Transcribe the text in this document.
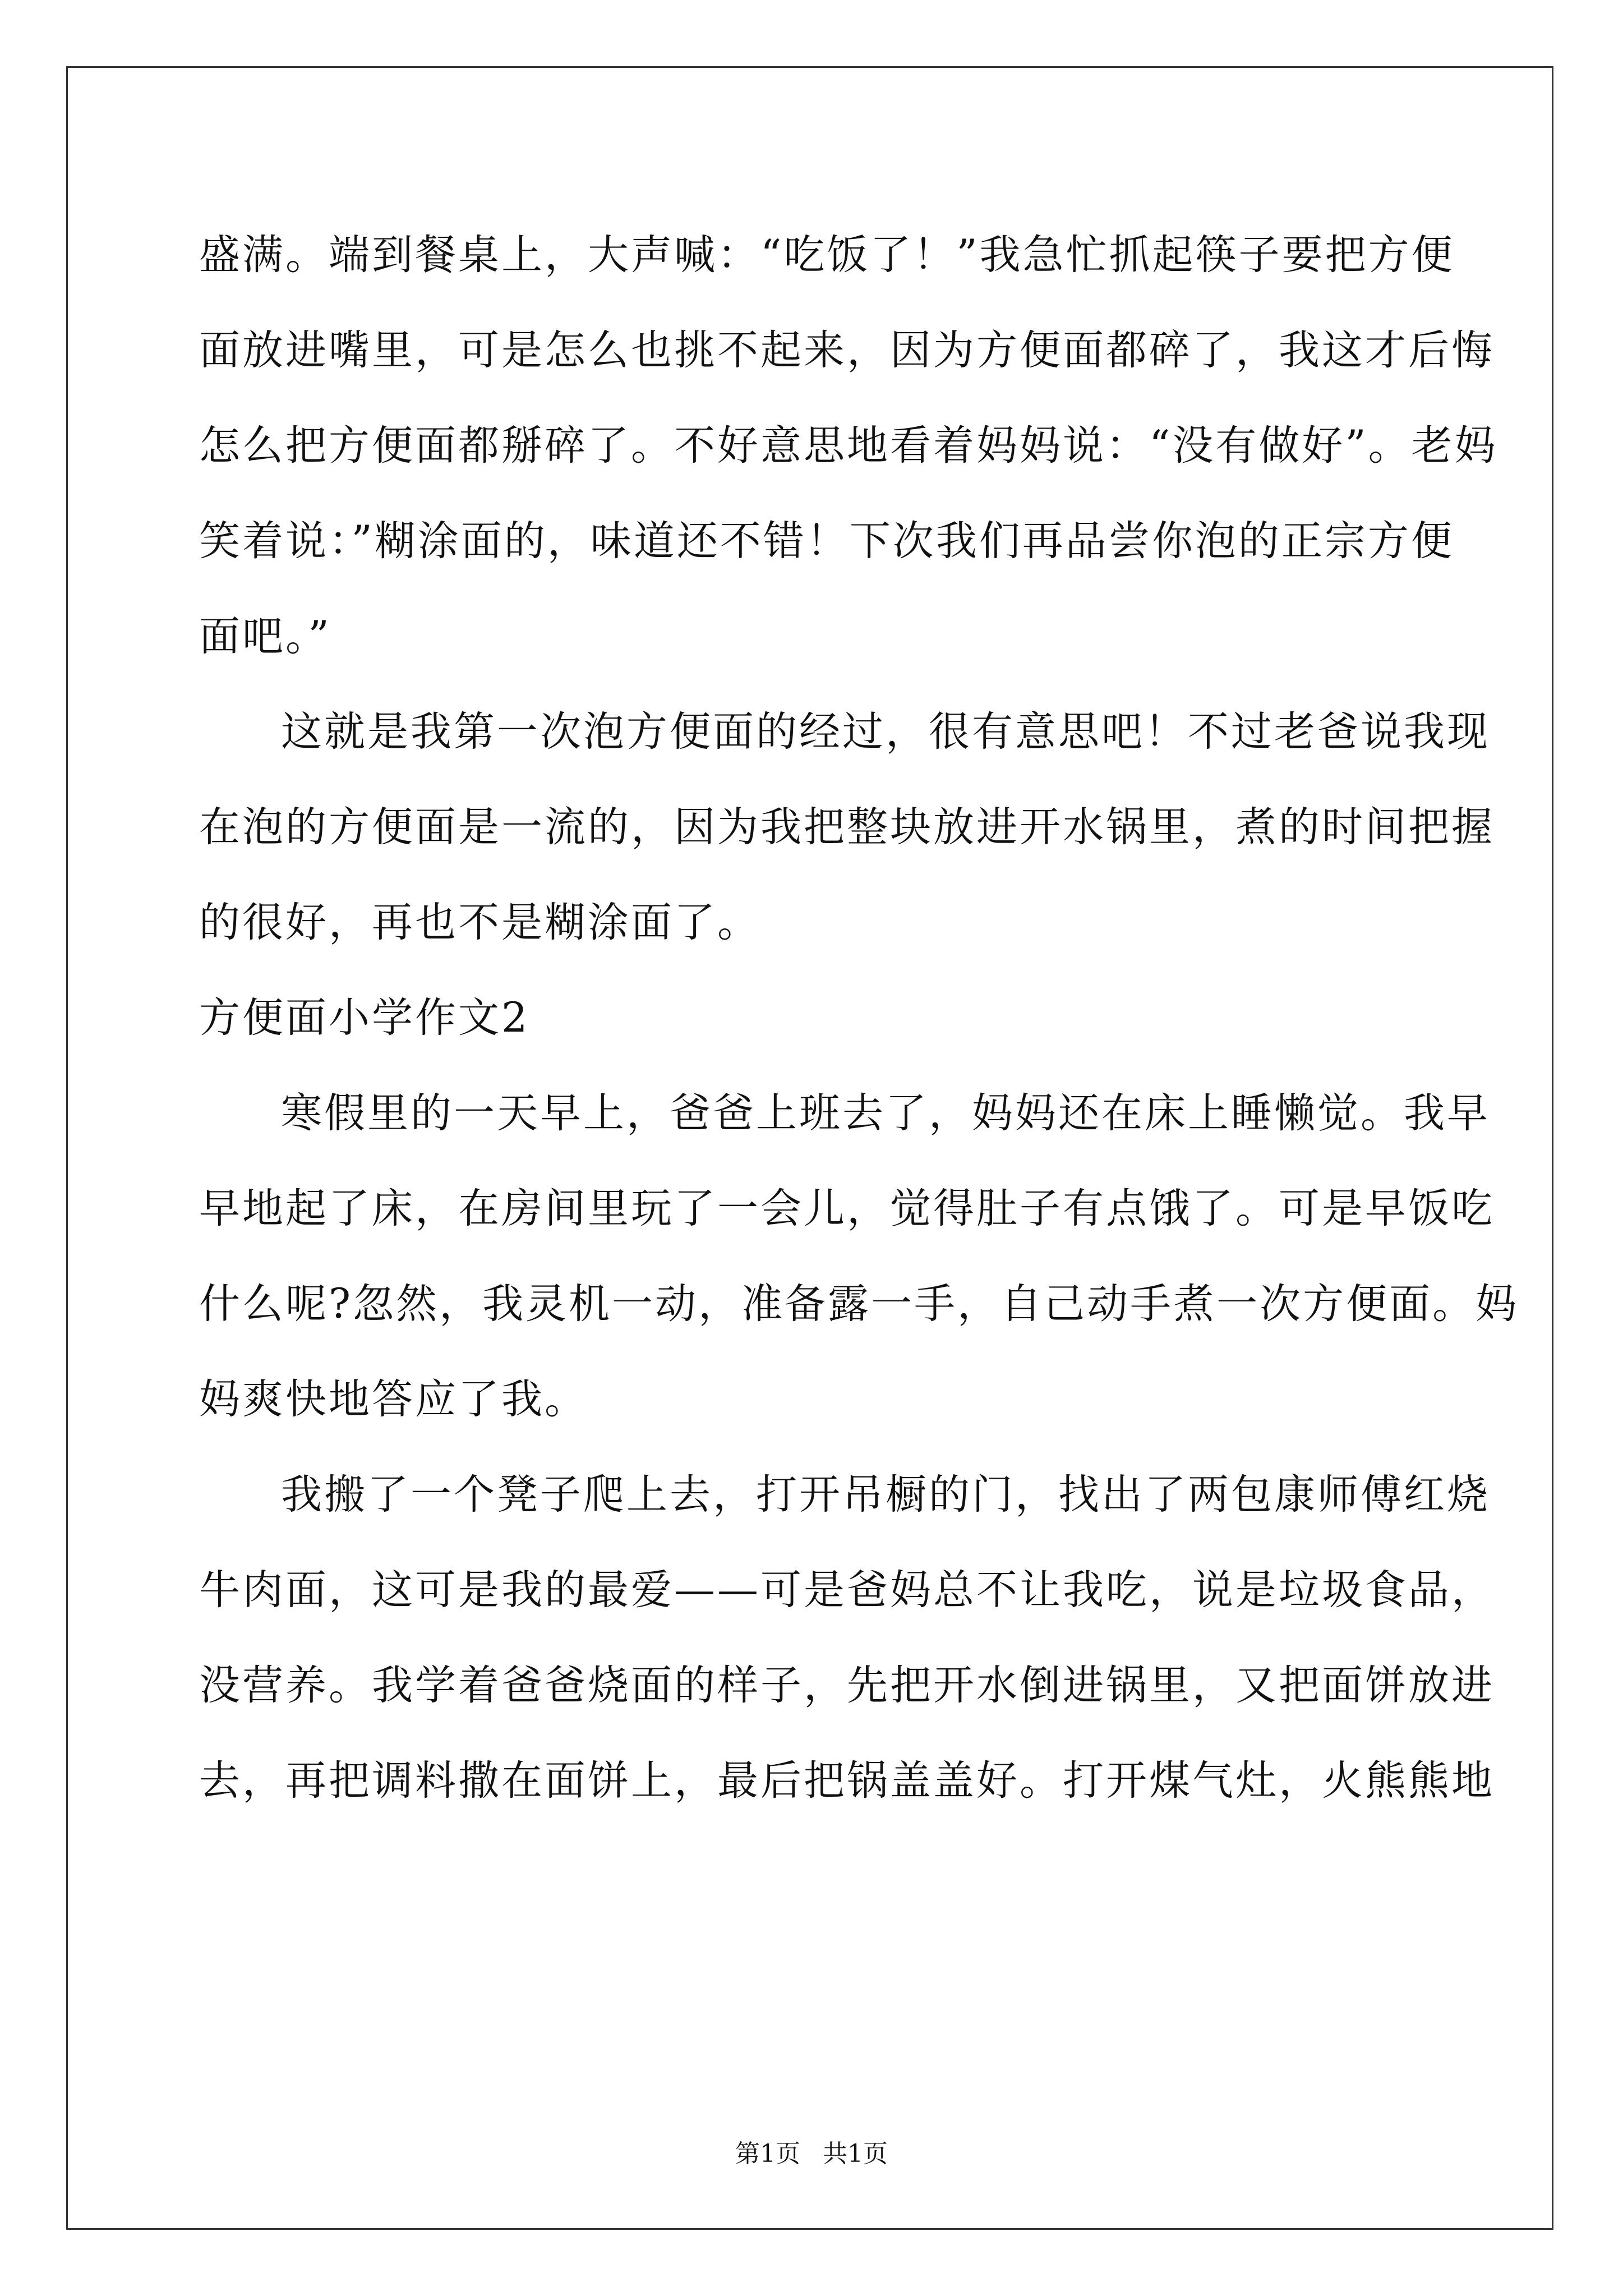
盛满。端到餐桌上，大声喊：“吃饭了！”我急忙抓起筷子要把方便
面放进嘴里，可是怎么也挑不起来，因为方便面都碎了，我这才后悔
怎么把方便面都掰碎了。不好意思地看着妈妈说：“没有做好”。老妈
笑着说：”糊涂面的，味道还不错！下次我们再品尝你泡的正宗方便
面吧。”
这就是我第一次泡方便面的经过，很有意思吧！不过老爸说我现
在泡的方便面是一流的，因为我把整块放进开水锅里，煮的时间把握
的很好，再也不是糊涂面了。
方便面小学作文2
寒假里的一天早上，爸爸上班去了，妈妈还在床上睡懒觉。我早
早地起了床，在房间里玩了一会儿，觉得肚子有点饿了。可是早饭吃
什么呢?忽然，我灵机一动，准备露一手，自己动手煮一次方便面。妈
妈爽快地答应了我。
我搬了一个凳子爬上去，打开吊橱的门，找出了两包康师傅红烧
牛肉面，这可是我的最爱——可是爸妈总不让我吃，说是垃圾食品，
没营养。我学着爸爸烧面的样子，先把开水倒进锅里，又把面饼放进
去，再把调料撒在面饼上，最后把锅盖盖好。打开煤气灶，火熊熊地
第1页 共1页
